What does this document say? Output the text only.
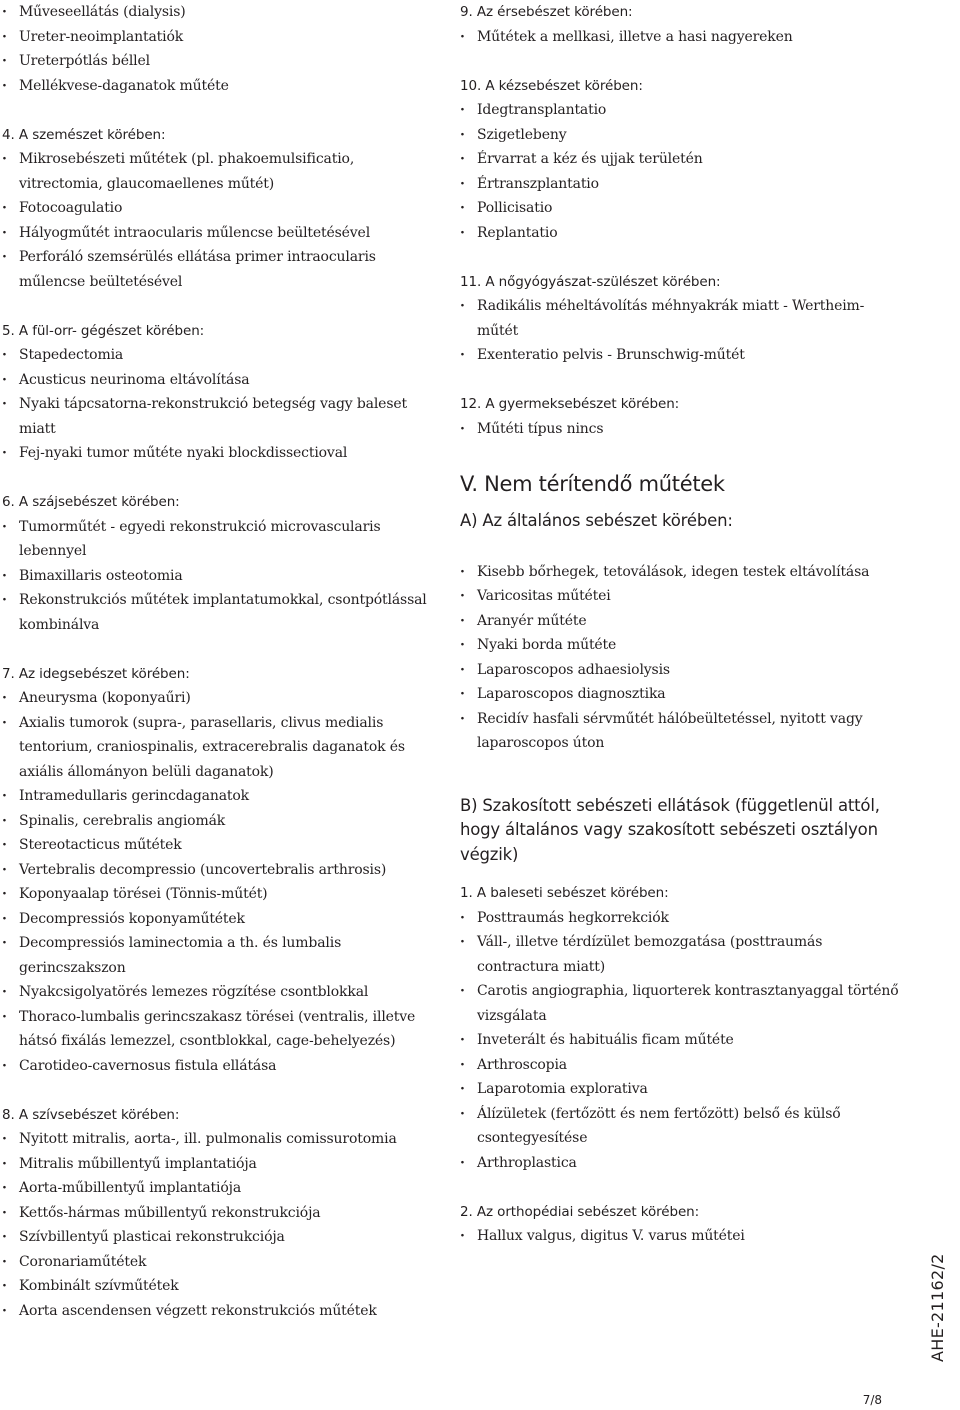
· Műveseellátás (dialysis)
· Ureter-neoimplantatiók
· Ureterpótlás béllel
· Mellékvese-daganatok műtéte
4. A szemészet körében:
· Mikrosebészeti műtétek (pl. phakoemulsificatio, vitrectomia, glaucomaellenes műtét)
· Fotocoagulatio
· Hályogműtét intraocularis műlencse beültetésével
· Perforáló szemsérülés ellátása primer intraocularis műlencse beültetésével
5. A fül-orr- gégészet körében:
· Stapedectomia
· Acusticus neurinoma eltávolítása
· Nyaki tápcsatorna-rekonstrukció betegség vagy baleset miatt
· Fej-nyaki tumor műtéte nyaki blockdissectioval
6. A szájsebészet körében:
· Tumorműtét - egyedi rekonstrukció microvascularis lebennyel
· Bimaxillaris osteotomia
· Rekonstrukciós műtétek implantatumokkal, csontpótlással kombinálva
7. Az idegsebészet körében:
· Aneurysma (koponyaűri)
· Axialis tumorok (supra-, parasellaris, clivus medialis tentorium, craniospinalis, extracerebralis daganatok és axiális állományon belüli daganatok)
· Intramedullaris gerincdaganatok
· Spinalis, cerebralis angiomák
· Stereotacticus műtétek
· Vertebralis decompressio (uncovertebralis arthrosis)
· Koponyaalap törései (Tönnis-műtét)
· Decompressiós koponyaműtétek
· Decompressiós laminectomia a th. és lumbalis gerincszakszon
· Nyakcsigolyatörés lemezes rögzítése csontblokkal
· Thoraco-lumbalis gerincszakasz törései (ventralis, illetve hátsó fixálás lemezzel, csontblokkal, cage-behelyezés)
· Carotideo-cavernosus fistula ellátása
8. A szívsebészet körében:
· Nyitott mitralis, aorta-, ill. pulmonalis comissurotomia
· Mitralis műbillentyű implantatiója
· Aorta-műbillentyű implantatiója
· Kettős-hármas műbillentyű rekonstrukciója
· Szívbillentyű plasticai rekonstrukciója
· Coronariaműtétek
· Kombinált szívműtétek
· Aorta ascendensen végzett rekonstrukciós műtétek
9. Az érsebészet körében:
· Műtétek a mellkasi, illetve a hasi nagyereken
10. A kézsebészet körében:
· Idegtransplantatio
· Szigetlebeny
· Érvarrat a kéz és ujjak területén
· Értranszplantatio
· Pollicisatio
· Replantatio
11. A nőgyógyászat-szülészet körében:
· Radikális méheltávolítás méhnyakrák miatt - Wertheim-műtét
· Exenteratio pelvis - Brunschwig-műtét
12. A gyermeksebészet körében:
· Műtéti típus nincs
V. Nem térítendő műtétek
A) Az általános sebészet körében:
· Kisebb bőrhegek, tetoválások, idegen testek eltávolítása
· Varicositas műtétei
· Aranyér műtéte
· Nyaki borda műtéte
· Laparoscopos adhaesiolysis
· Laparoscopos diagnosztika
· Recidív hasfali sérvműtét hálóbeültetéssel, nyitott vagy laparoscopos úton
B) Szakosított sebészeti ellátások (függetlenül attól, hogy általános vagy szakosított sebészeti osztályon végzik)
1. A baleseti sebészet körében:
· Posttraumás hegkorrekciók
· Váll-, illetve térdízület bemozgatása (posttraumás contractura miatt)
· Carotis angiographia, liquorterek kontrasztanyaggal történő vizsgálata
· Inveterált és habituális ficam műtéte
· Arthroscopia
· Laparotomia explorativa
· Álízületek (fertőzött és nem fertőzött) belső és külső csontegyesítése
· Arthroplastica
2. Az orthopédiai sebészet körében:
· Hallux valgus, digitus V. varus műtétei
AHE-21162/2
7/8
